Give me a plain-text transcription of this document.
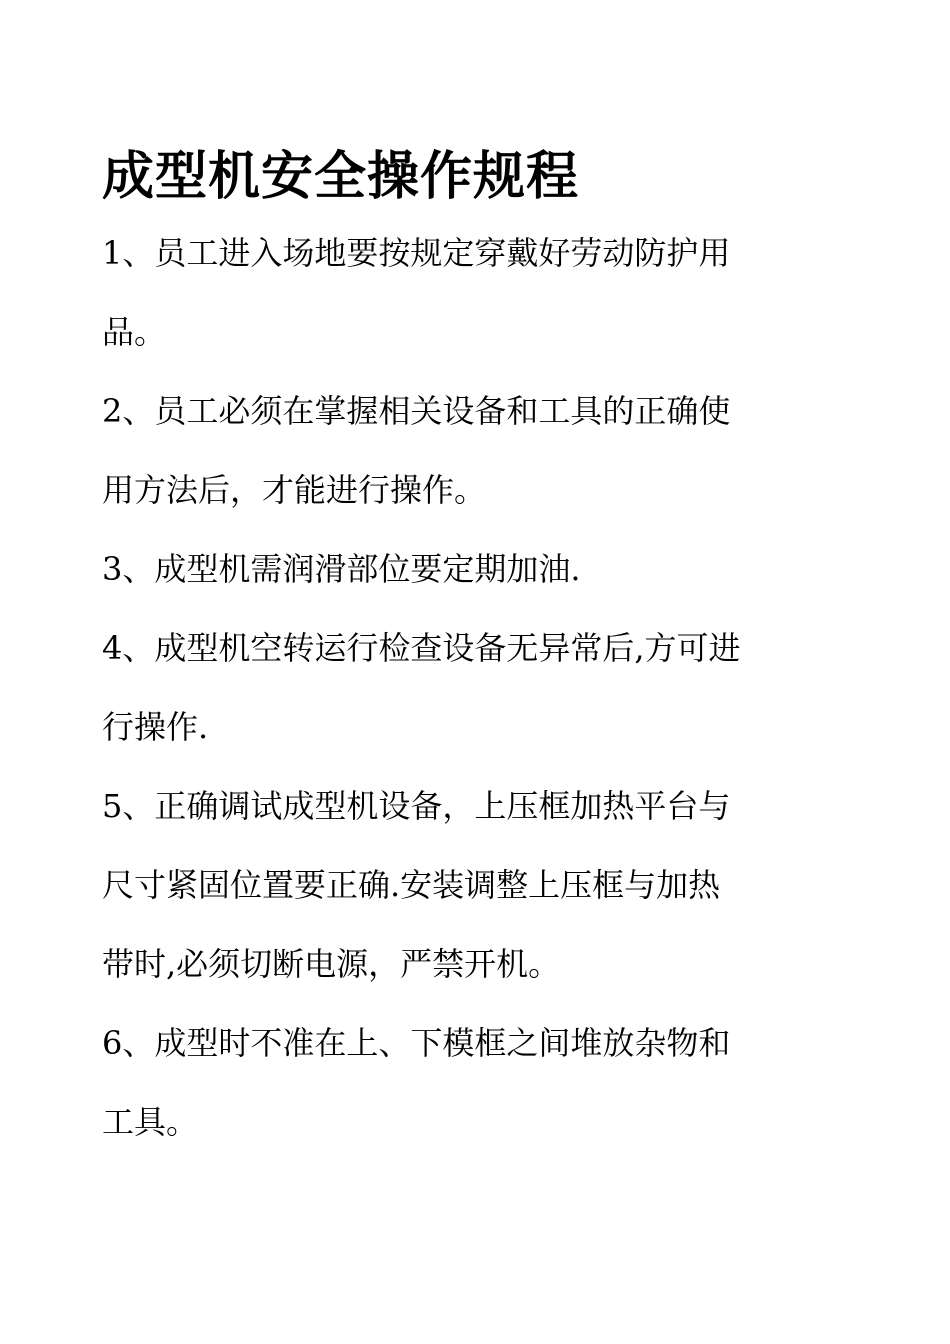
成型机安全操作规程

1、员工进入场地要按规定穿戴好劳动防护用
品。

2、员工必须在掌握相关设备和工具的正确使
用方法后，才能进行操作。

3、成型机需润滑部位要定期加油.

4、成型机空转运行检查设备无异常后,方可进
行操作.

5、正确调试成型机设备，上压框加热平台与
尺寸紧固位置要正确.安装调整上压框与加热
带时,必须切断电源，严禁开机。

6、成型时不准在上、下模框之间堆放杂物和
工具。
